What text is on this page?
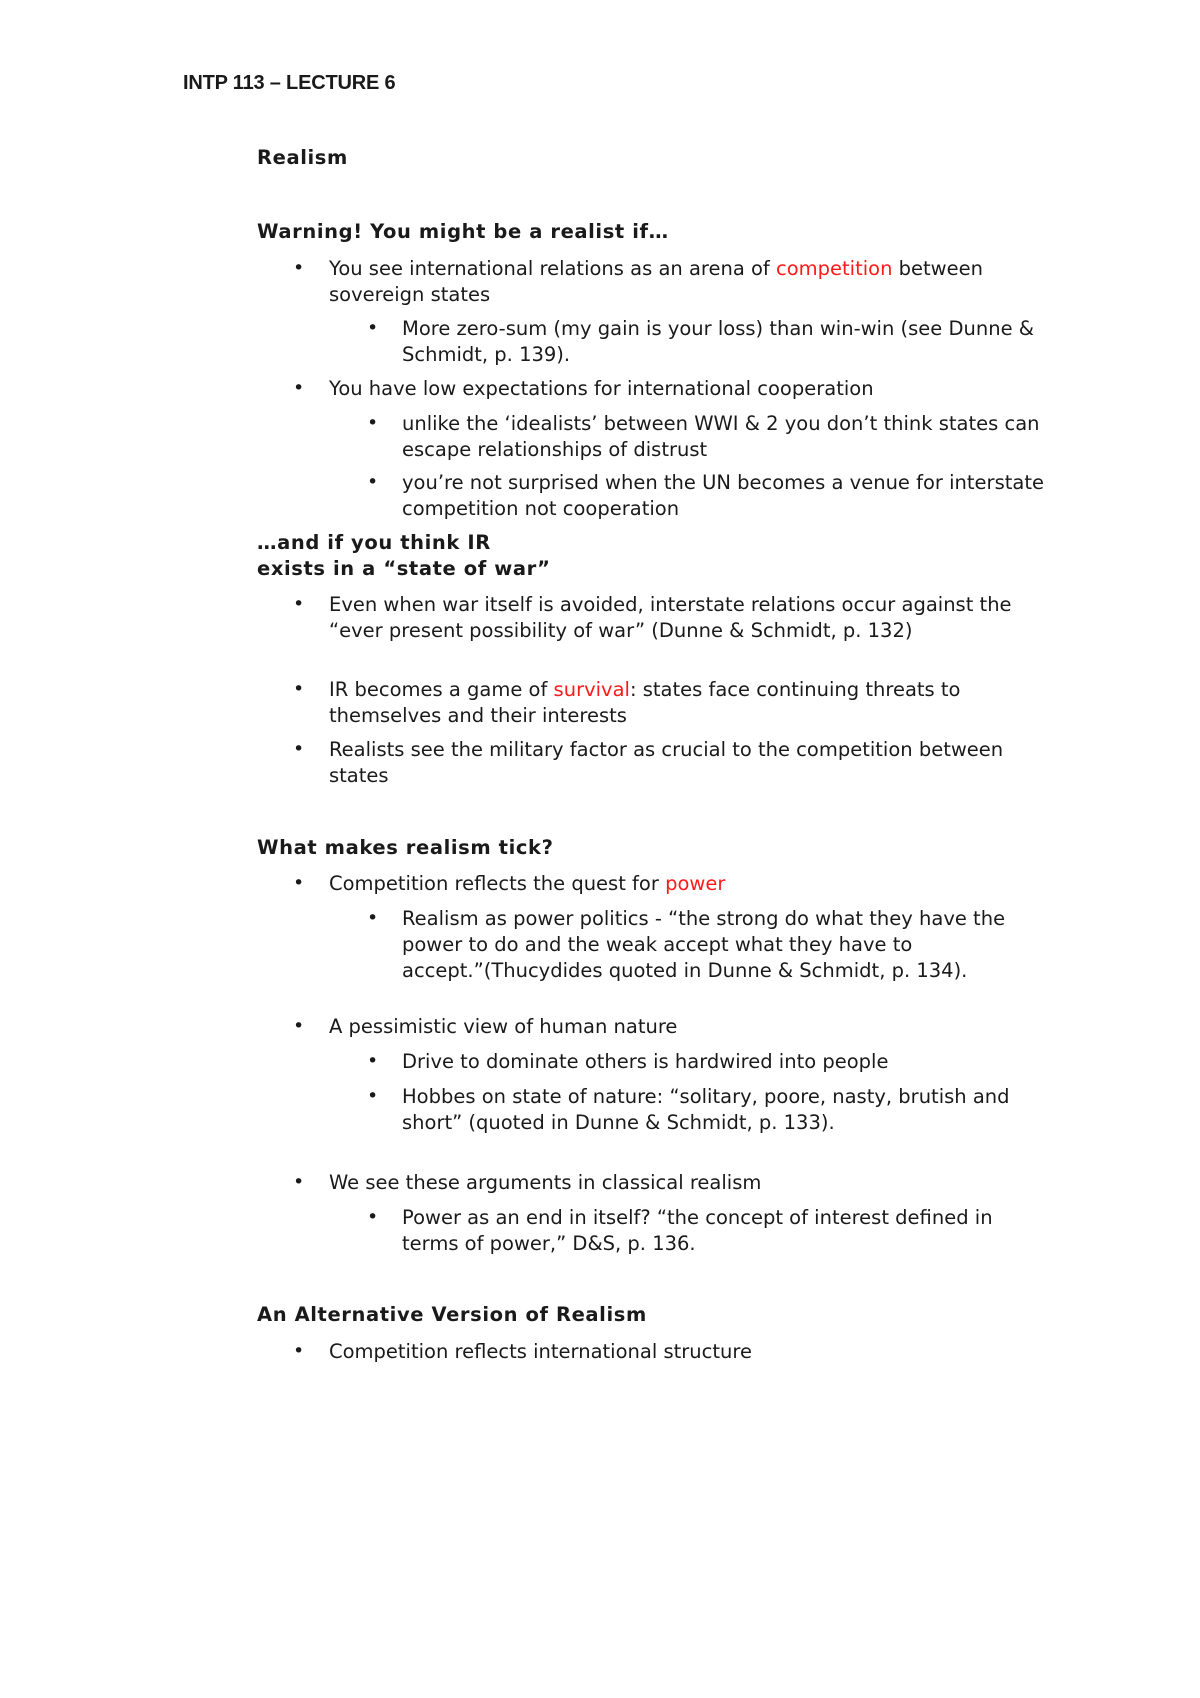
INTP 113 – LECTURE 6

Realism

Warning! You might be a realist if…

• You see international relations as an arena of competition between sovereign states

• More zero-sum (my gain is your loss) than win-win (see Dunne & Schmidt, p. 139).

• You have low expectations for international cooperation

• unlike the ‘idealists’ between WWI & 2 you don’t think states can escape relationships of distrust

• you’re not surprised when the UN becomes a venue for interstate competition not cooperation

…and if you think IR

exists in a “state of war”

• Even when war itself is avoided, interstate relations occur against the “ever present possibility of war” (Dunne & Schmidt, p. 132)

• IR becomes a game of survival: states face continuing threats to themselves and their interests

• Realists see the military factor as crucial to the competition between states

What makes realism tick?

• Competition reflects the quest for power

• Realism as power politics - “the strong do what they have the power to do and the weak accept what they have to accept.”(Thucydides quoted in Dunne & Schmidt, p. 134).

• A pessimistic view of human nature

• Drive to dominate others is hardwired into people

• Hobbes on state of nature: “solitary, poore, nasty, brutish and short” (quoted in Dunne & Schmidt, p. 133).

• We see these arguments in classical realism

• Power as an end in itself? “the concept of interest defined in terms of power,” D&S, p. 136.

An Alternative Version of Realism

• Competition reflects international structure
